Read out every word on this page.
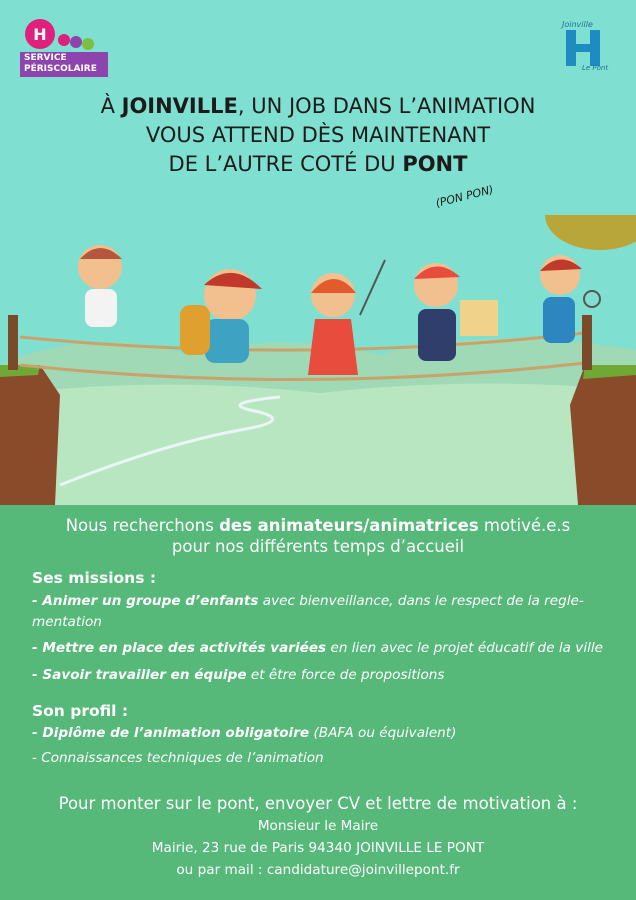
H
SERVICE
PÉRISCOLAIRE
Joinville
Le Pont
À JOINVILLE, UN JOB DANS L’ANIMATION
VOUS ATTEND DÈS MAINTENANT
DE L’AUTRE COTÉ DU PONT
(PON PON)
Nous recherchons des animateurs/animatrices motivé.e.s
pour nos différents temps d’accueil
Ses missions :
- Animer un groupe d’enfants avec bienveillance, dans le respect de la regle-
mentation
- Mettre en place des activités variées en lien avec le projet éducatif de la ville
- Savoir travailler en équipe et être force de propositions
Son profil :
- Diplôme de l’animation obligatoire (BAFA ou équivalent)
- Connaissances techniques de l’animation
Pour monter sur le pont, envoyer CV et lettre de motivation à :
Monsieur le Maire
Mairie, 23 rue de Paris 94340 JOINVILLE LE PONT
ou par mail : candidature@joinvillepont.fr
